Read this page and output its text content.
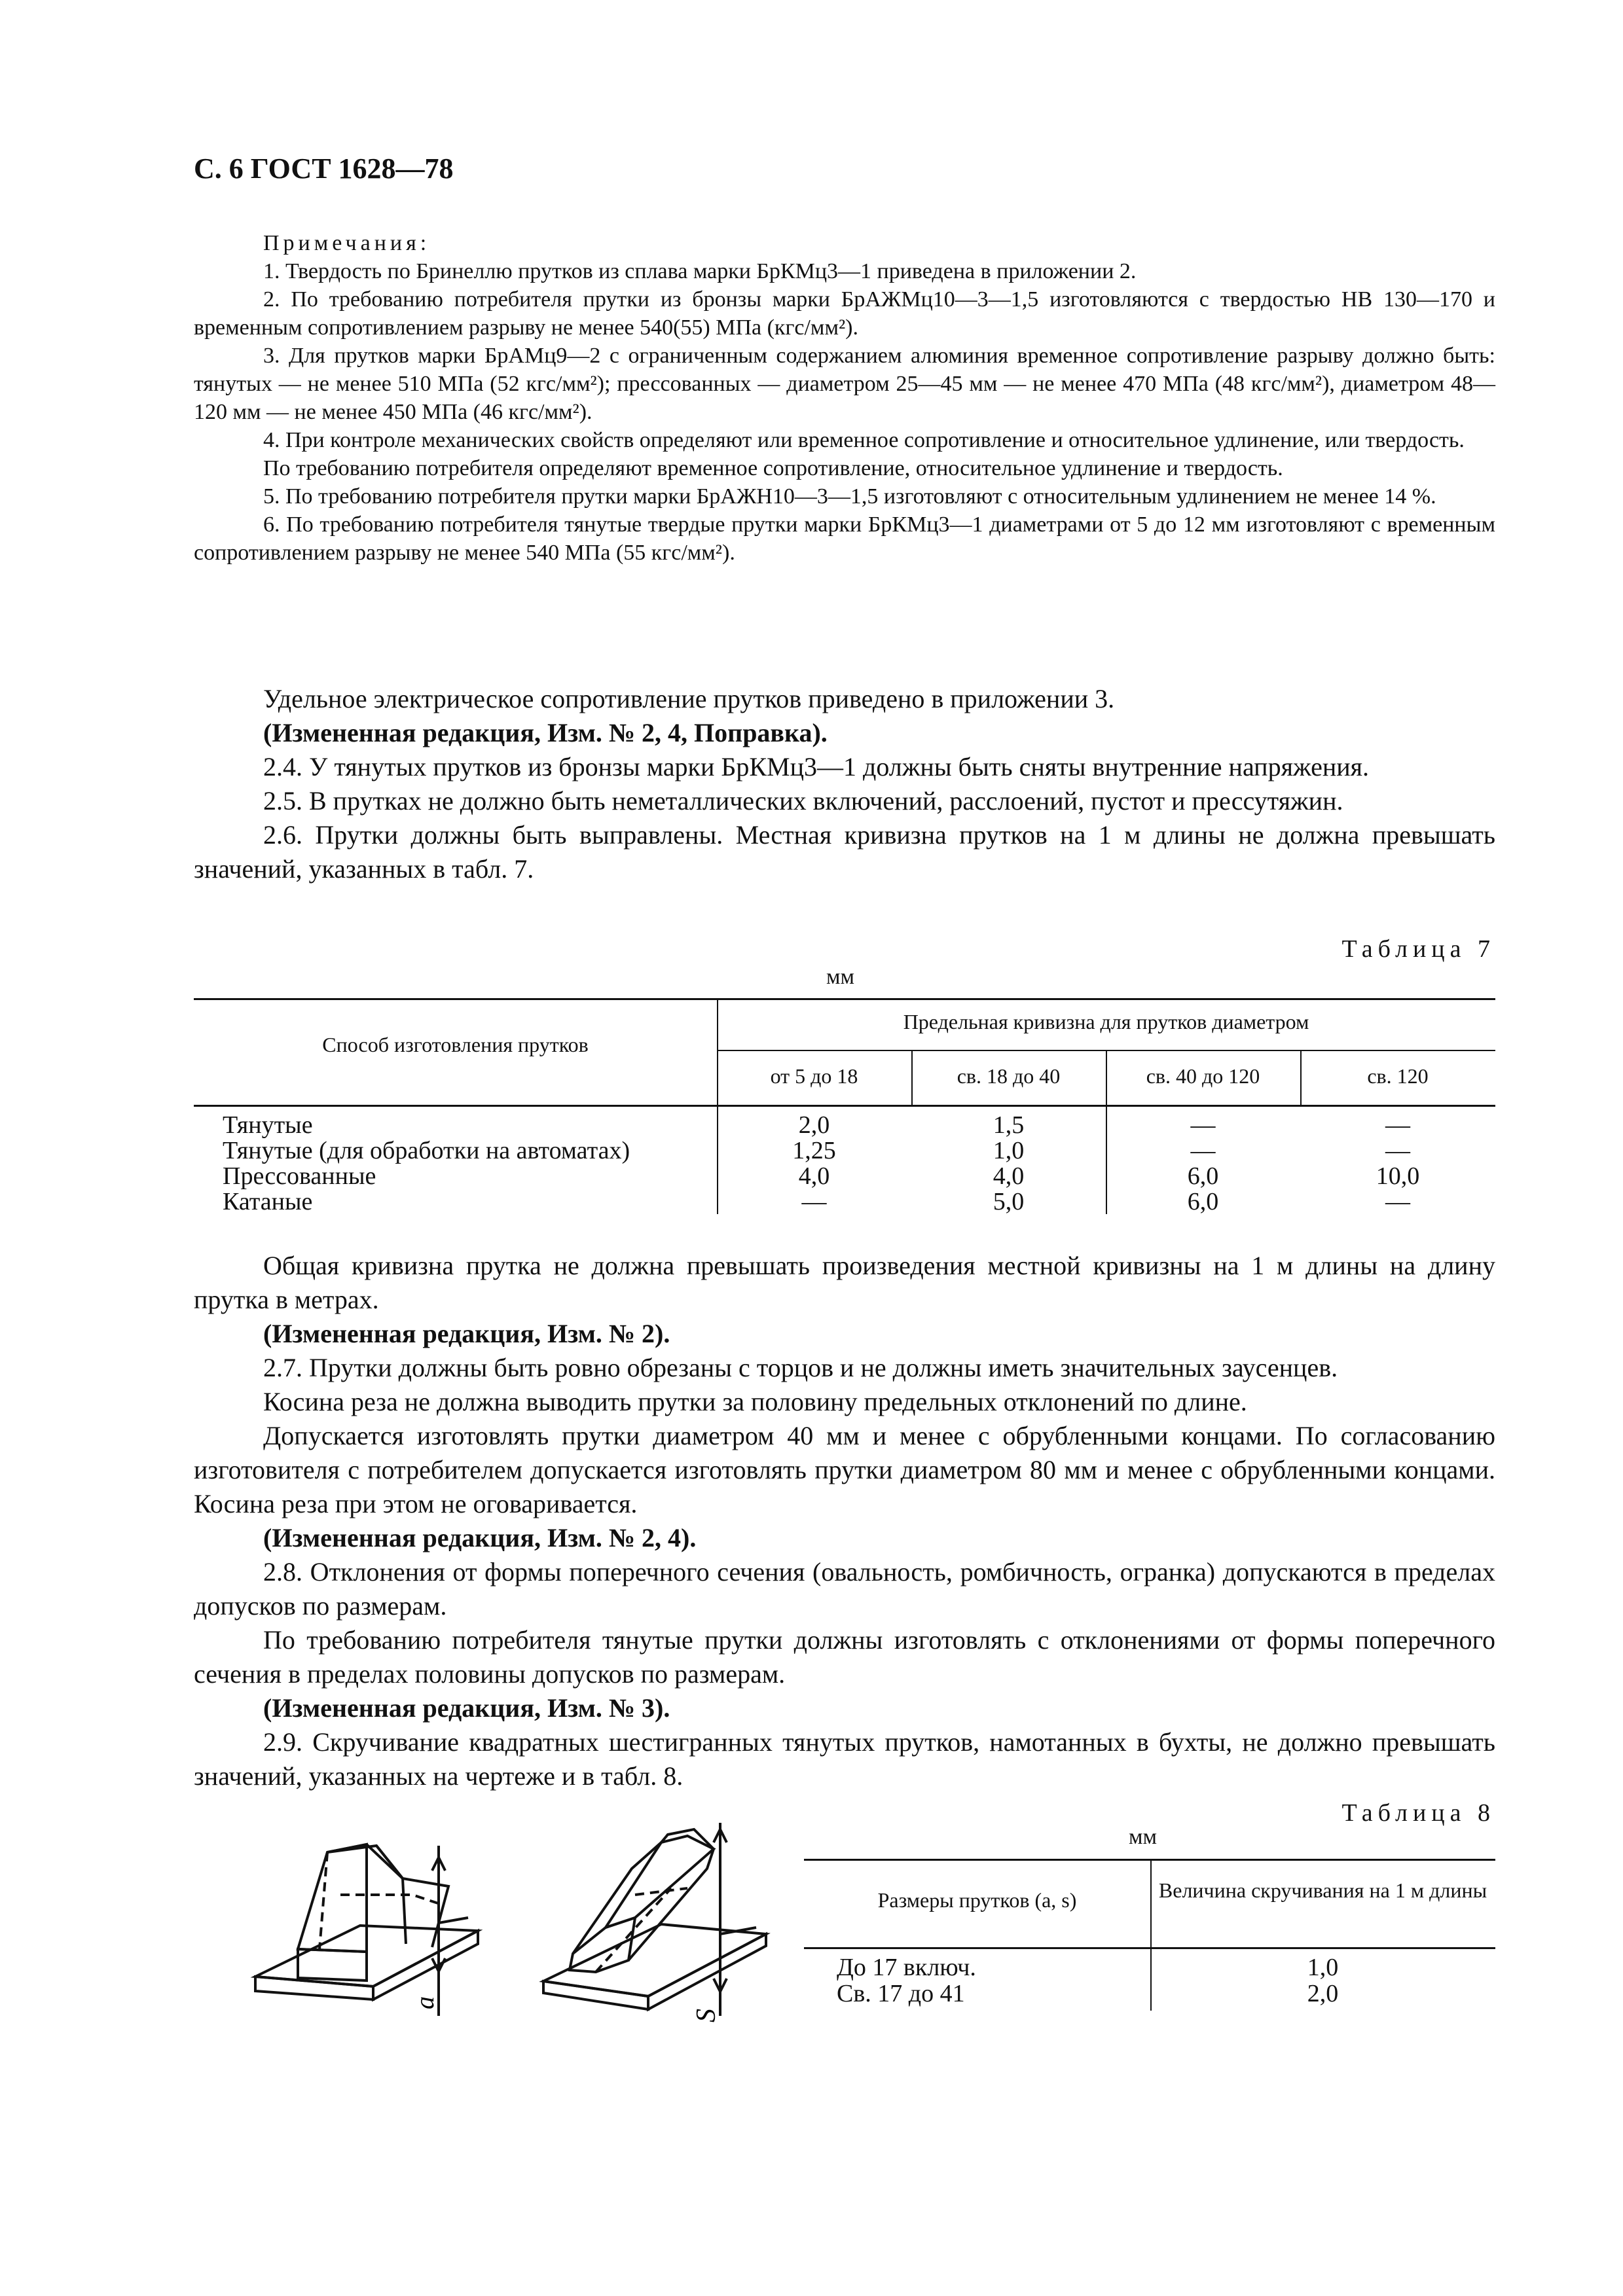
С. 6 ГОСТ 1628—78

Примечания:

1. Твердость по Бринеллю прутков из сплава марки БрКМц3—1 приведена в приложении 2.

2. По требованию потребителя прутки из бронзы марки БрАЖМц10—3—1,5 изготовляются с твердостью НВ 130—170 и временным сопротивлением разрыву не менее 540(55) МПа (кгс/мм²).

3. Для прутков марки БрАМц9—2 с ограниченным содержанием алюминия временное сопротивление разрыву должно быть: тянутых — не менее 510 МПа (52 кгс/мм²); прессованных — диаметром 25—45 мм — не менее 470 МПа (48 кгс/мм²), диаметром 48—120 мм — не менее 450 МПа (46 кгс/мм²).

4. При контроле механических свойств определяют или временное сопротивление и относительное удлинение, или твердость.

По требованию потребителя определяют временное сопротивление, относительное удлинение и твердость.

5. По требованию потребителя прутки марки БрАЖН10—3—1,5 изготовляют с относительным удлинением не менее 14 %.

6. По требованию потребителя тянутые твердые прутки марки БрКМц3—1 диаметрами от 5 до 12 мм изготовляют с временным сопротивлением разрыву не менее 540 МПа (55 кгс/мм²).

Удельное электрическое сопротивление прутков приведено в приложении 3.

(Измененная редакция, Изм. № 2, 4, Поправка).

2.4. У тянутых прутков из бронзы марки БрКМц3—1 должны быть сняты внутренние напряжения.

2.5. В прутках не должно быть неметаллических включений, расслоений, пустот и прессутяжин.

2.6. Прутки должны быть выправлены. Местная кривизна прутков на 1 м длины не должна превышать значений, указанных в табл. 7.

Таблица 7
мм
Способ изготовления прутков
Предельная кривизна для прутков диаметром
от 5 до 18	св. 18 до 40	св. 40 до 120	св. 120
Тянутые	2,0	1,5	—	—
Тянутые (для обработки на автоматах)	1,25	1,0	—	—
Прессованные	4,0	4,0	6,0	10,0
Катаные	—	5,0	6,0	—

Общая кривизна прутка не должна превышать произведения местной кривизны на 1 м длины на длину прутка в метрах.

(Измененная редакция, Изм. № 2).

2.7. Прутки должны быть ровно обрезаны с торцов и не должны иметь значительных заусенцев.

Косина реза не должна выводить прутки за половину предельных отклонений по длине.

Допускается изготовлять прутки диаметром 40 мм и менее с обрубленными концами. По согласованию изготовителя с потребителем допускается изготовлять прутки диаметром 80 мм и менее с обрубленными концами. Косина реза при этом не оговаривается.

(Измененная редакция, Изм. № 2, 4).

2.8. Отклонения от формы поперечного сечения (овальность, ромбичность, огранка) допускаются в пределах допусков по размерам.

По требованию потребителя тянутые прутки должны изготовлять с отклонениями от формы поперечного сечения в пределах половины допусков по размерам.

(Измененная редакция, Изм. № 3).

2.9. Скручивание квадратных шестигранных тянутых прутков, намотанных в бухты, не должно превышать значений, указанных на чертеже и в табл. 8.

a
S
Таблица 8
мм
Размеры прутков (a, s)	Величина скручивания на 1 м длины
До 17 включ.	1,0
Св. 17 до 41	2,0
